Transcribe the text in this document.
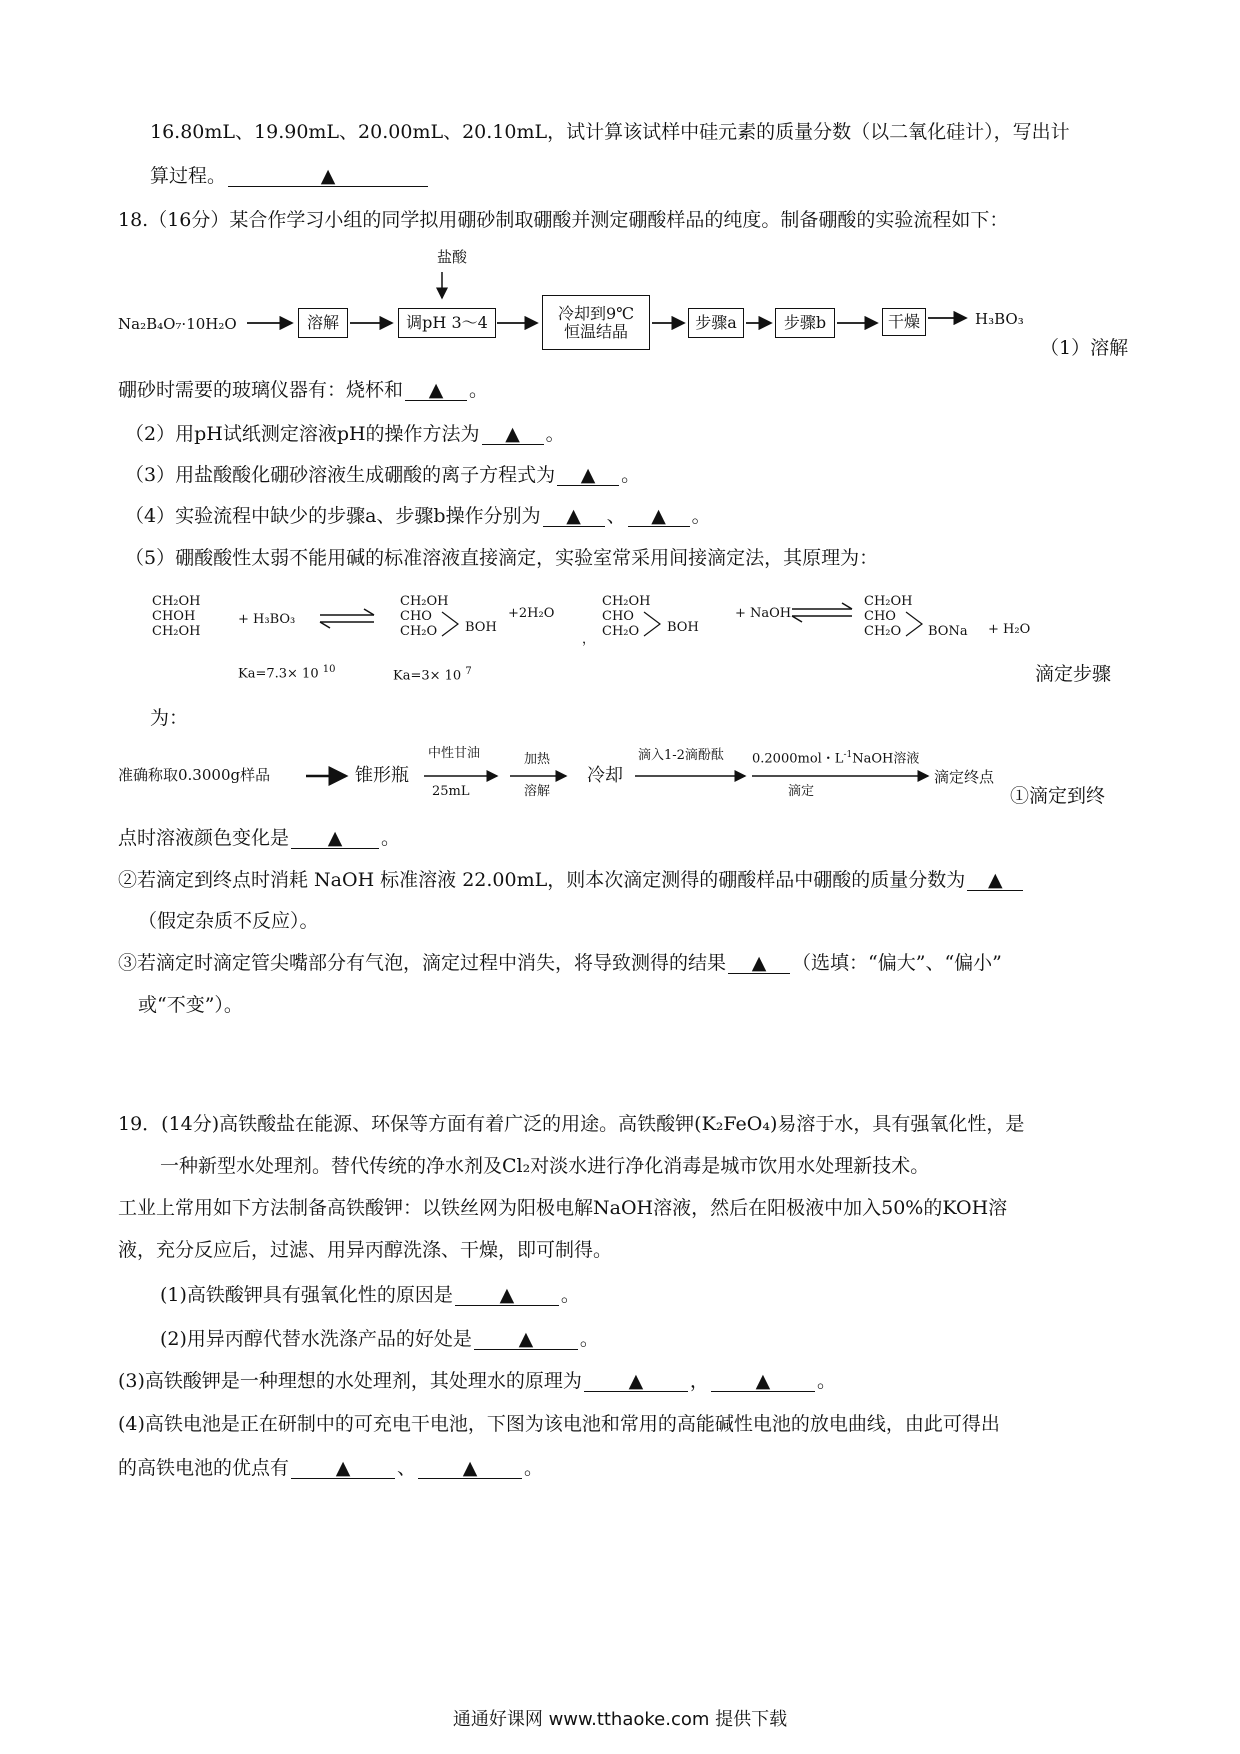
16.80mL、19.90mL、20.00mL、20.10mL，试计算该试样中硅元素的质量分数（以二氧化硅计），写出计
算过程。	▲
18.（16分）某合作学习小组的同学拟用硼砂制取硼酸并测定硼酸样品的纯度。制备硼酸的实验流程如下：
盐酸
Na₂B₄O₇·10H₂O	溶解	调pH 3～4	冷却到9℃
恒温结晶	步骤a	步骤b	干燥	H₃BO₃
（1）溶解
硼砂时需要的玻璃仪器有：烧杯和 ▲ 。
（2）用pH试纸测定溶液pH的操作方法为 ▲ 。
（3）用盐酸酸化硼砂溶液生成硼酸的离子方程式为 ▲ 。
（4）实验流程中缺少的步骤a、步骤b操作分别为 ▲ 、 ▲ 。
（5）硼酸酸性太弱不能用碱的标准溶液直接滴定，实验室常采用间接滴定法，其原理为：
CH₂OH
CHOH
CH₂OH
+ H₃BO₃ ⇌
CH₂OH
CHO
CH₂O	BOH
+2H₂O
，
CH₂OH
CHO
CH₂O	BOH
+ NaOH
CH₂OH
CHO
CH₂O	BONa + H₂O
Ka=7.3× 10 $^{10}$	Ka=3× 10 $^7$	滴定步骤
为：
准确称取0.3000g样品	锥形瓶
中性甘油
25mL
加热
溶解
冷却
滴入1-2滴酚酞 0.2000mol・$L^{-1}NaOH$溶液
滴定
滴定终点
①滴定到终
点时溶液颜色变化是 ▲ 。
②若滴定到终点时消耗 NaOH 标准溶液 22.00mL，则本次滴定测得的硼酸样品中硼酸的质量分数为 ▲
（假定杂质不反应）。
③若滴定时滴定管尖嘴部分有气泡，滴定过程中消失，将导致测得的结果 ▲ （选填：“偏大”、“偏小”
或“不变”）。
19．(14分)高铁酸盐在能源、环保等方面有着广泛的用途。高铁酸钾(K₂FeO₄)易溶于水，具有强氧化性，是
一种新型水处理剂。替代传统的净水剂及Cl₂对淡水进行净化消毒是城市饮用水处理新技术。
工业上常用如下方法制备高铁酸钾：以铁丝网为阳极电解NaOH溶液，然后在阳极液中加入50%的KOH溶
液，充分反应后，过滤、用异丙醇洗涤、干燥，即可制得。
(1)高铁酸钾具有强氧化性的原因是 ▲ 。
(2)用异丙醇代替水洗涤产品的好处是 ▲ 。
(3)高铁酸钾是一种理想的水处理剂，其处理水的原理为 ▲ ， ▲ 。
(4)高铁电池是正在研制中的可充电干电池，下图为该电池和常用的高能碱性电池的放电曲线，由此可得出
的高铁电池的优点有 ▲ 、 ▲ 。
通通好课网 www.tthaoke.com 提供下载
